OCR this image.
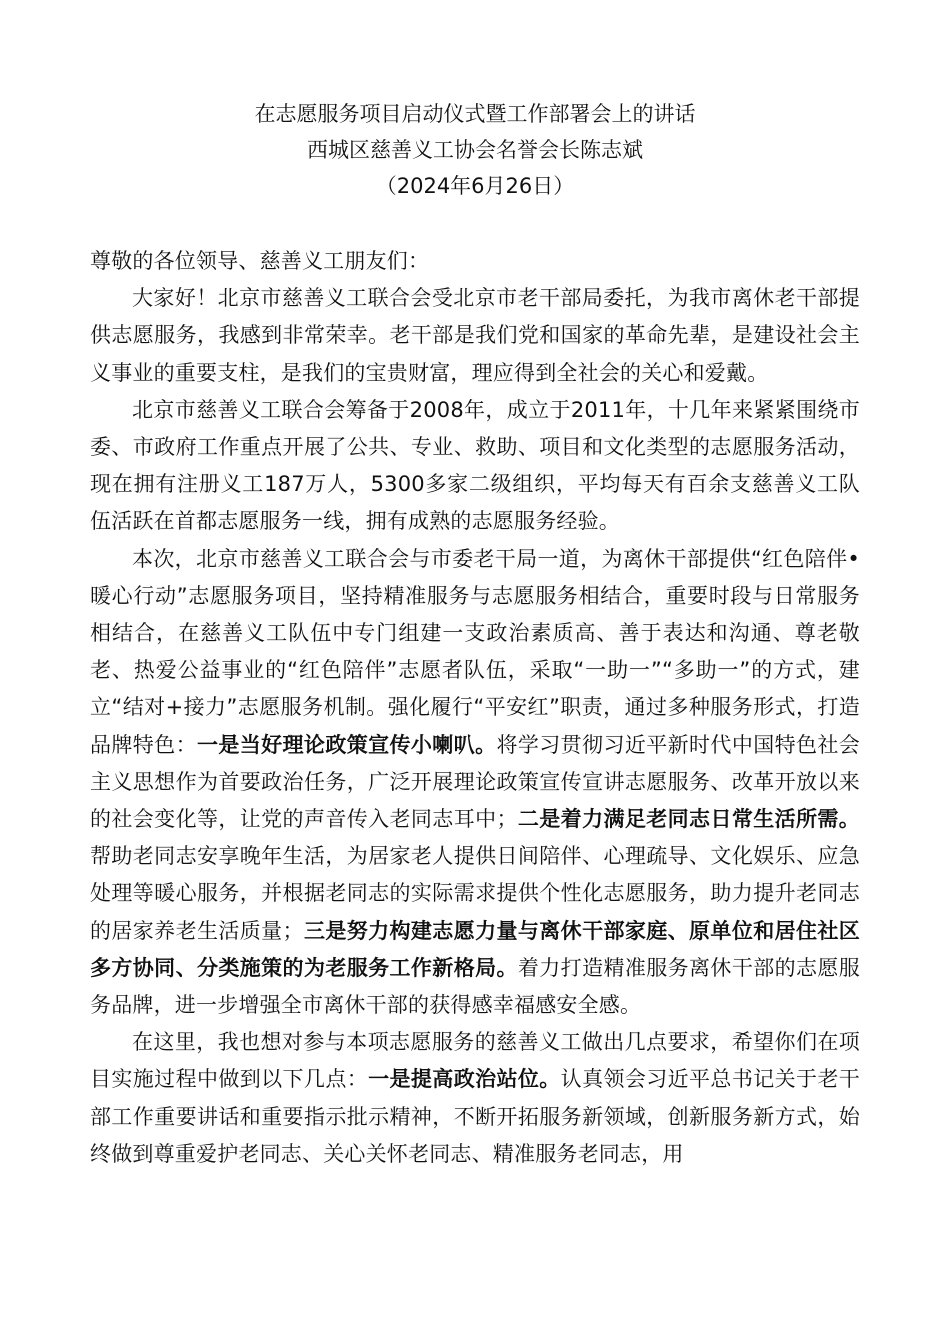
在志愿服务项目启动仪式暨工作部署会上的讲话
西城区慈善义工协会名誉会长陈志斌
（2024年6月26日）

尊敬的各位领导、慈善义工朋友们：

大家好！北京市慈善义工联合会受北京市老干部局委托，为我市离休老干部提供志愿服务，我感到非常荣幸。老干部是我们党和国家的革命先辈，是建设社会主义事业的重要支柱，是我们的宝贵财富，理应得到全社会的关心和爱戴。

北京市慈善义工联合会筹备于2008年，成立于2011年，十几年来紧紧围绕市委、市政府工作重点开展了公共、专业、救助、项目和文化类型的志愿服务活动，现在拥有注册义工187万人，5300多家二级组织，平均每天有百余支慈善义工队伍活跃在首都志愿服务一线，拥有成熟的志愿服务经验。

本次，北京市慈善义工联合会与市委老干局一道，为离休干部提供“红色陪伴•暖心行动”志愿服务项目，坚持精准服务与志愿服务相结合，重要时段与日常服务相结合，在慈善义工队伍中专门组建一支政治素质高、善于表达和沟通、尊老敬老、热爱公益事业的“红色陪伴”志愿者队伍，采取“一助一”“多助一”的方式，建立“结对+接力”志愿服务机制。强化履行“平安红”职责，通过多种服务形式，打造品牌特色：一是当好理论政策宣传小喇叭。将学习贯彻习近平新时代中国特色社会主义思想作为首要政治任务，广泛开展理论政策宣传宣讲志愿服务、改革开放以来的社会变化等，让党的声音传入老同志耳中；二是着力满足老同志日常生活所需。帮助老同志安享晚年生活，为居家老人提供日间陪伴、心理疏导、文化娱乐、应急处理等暖心服务，并根据老同志的实际需求提供个性化志愿服务，助力提升老同志的居家养老生活质量；三是努力构建志愿力量与离休干部家庭、原单位和居住社区多方协同、分类施策的为老服务工作新格局。着力打造精准服务离休干部的志愿服务品牌，进一步增强全市离休干部的获得感幸福感安全感。

在这里，我也想对参与本项志愿服务的慈善义工做出几点要求，希望你们在项目实施过程中做到以下几点：一是提高政治站位。认真领会习近平总书记关于老干部工作重要讲话和重要指示批示精神，不断开拓服务新领域，创新服务新方式，始终做到尊重爱护老同志、关心关怀老同志、精准服务老同志，用
